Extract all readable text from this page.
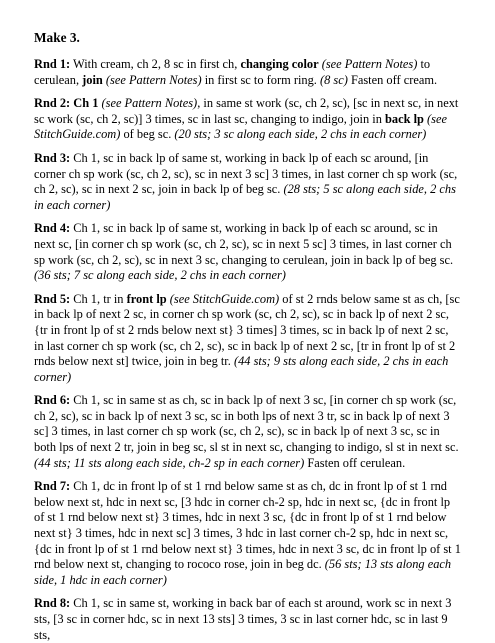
Make 3.

Rnd 1: With cream, ch 2, 8 sc in first ch, changing color (see Pattern Notes) to cerulean, join (see Pattern Notes) in first sc to form ring. (8 sc) Fasten off cream.

Rnd 2: Ch 1 (see Pattern Notes), in same st work (sc, ch 2, sc), [sc in next sc, in next sc work (sc, ch 2, sc)] 3 times, sc in last sc, changing to indigo, join in back lp (see StitchGuide.com) of beg sc. (20 sts; 3 sc along each side, 2 chs in each corner)

Rnd 3: Ch 1, sc in back lp of same st, working in back lp of each sc around, [in corner ch sp work (sc, ch 2, sc), sc in next 3 sc] 3 times, in last corner ch sp work (sc, ch 2, sc), sc in next 2 sc, join in back lp of beg sc. (28 sts; 5 sc along each side, 2 chs in each corner)

Rnd 4: Ch 1, sc in back lp of same st, working in back lp of each sc around, sc in next sc, [in corner ch sp work (sc, ch 2, sc), sc in next 5 sc] 3 times, in last corner ch sp work (sc, ch 2, sc), sc in next 3 sc, changing to cerulean, join in back lp of beg sc. (36 sts; 7 sc along each side, 2 chs in each corner)

Rnd 5: Ch 1, tr in front lp (see StitchGuide.com) of st 2 rnds below same st as ch, [sc in back lp of next 2 sc, in corner ch sp work (sc, ch 2, sc), sc in back lp of next 2 sc, {tr in front lp of st 2 rnds below next st} 3 times] 3 times, sc in back lp of next 2 sc, in last corner ch sp work (sc, ch 2, sc), sc in back lp of next 2 sc, [tr in front lp of st 2 rnds below next st] twice, join in beg tr. (44 sts; 9 sts along each side, 2 chs in each corner)

Rnd 6: Ch 1, sc in same st as ch, sc in back lp of next 3 sc, [in corner ch sp work (sc, ch 2, sc), sc in back lp of next 3 sc, sc in both lps of next 3 tr, sc in back lp of next 3 sc] 3 times, in last corner ch sp work (sc, ch 2, sc), sc in back lp of next 3 sc, sc in both lps of next 2 tr, join in beg sc, sl st in next sc, changing to indigo, sl st in next sc. (44 sts; 11 sts along each side, ch-2 sp in each corner) Fasten off cerulean.

Rnd 7: Ch 1, dc in front lp of st 1 rnd below same st as ch, dc in front lp of st 1 rnd below next st, hdc in next sc, [3 hdc in corner ch-2 sp, hdc in next sc, {dc in front lp of st 1 rnd below next st} 3 times, hdc in next 3 sc, {dc in front lp of st 1 rnd below next st} 3 times, hdc in next sc] 3 times, 3 hdc in last corner ch-2 sp, hdc in next sc, {dc in front lp of st 1 rnd below next st} 3 times, hdc in next 3 sc, dc in front lp of st 1 rnd below next st, changing to rococo rose, join in beg dc. (56 sts; 13 sts along each side, 1 hdc in each corner)

Rnd 8: Ch 1, sc in same st, working in back bar of each st around, work sc in next 3 sts, [3 sc in corner hdc, sc in next 13 sts] 3 times, 3 sc in last corner hdc, sc in last 9 sts,
